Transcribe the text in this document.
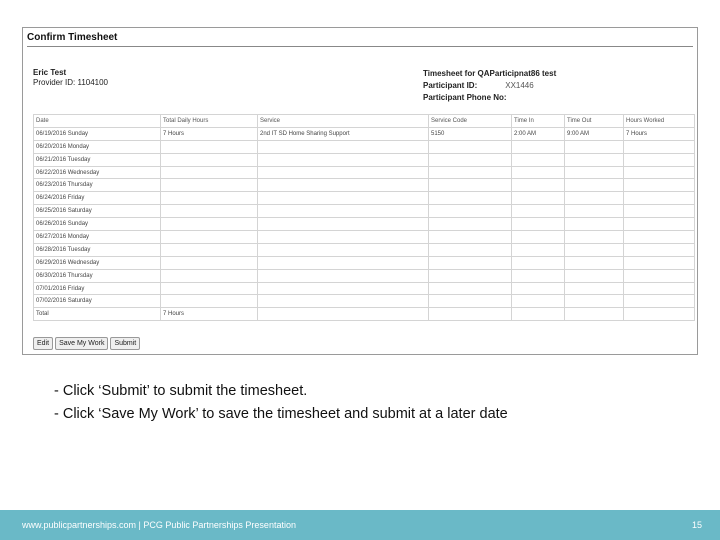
Confirm Timesheet
Eric Test
Provider ID: 1104100
Timesheet for QAParticipnat86 test
Participant ID:	XX1446
Participant Phone No:
Date	Total Daily Hours	Service	Service Code	Time In	Time Out	Hours Worked
06/19/2016 Sunday	7 Hours	2nd IT SD Home Sharing Support	5150	2:00 AM	9:00 AM	7 Hours
06/20/2016 Monday						
06/21/2016 Tuesday						
06/22/2016 Wednesday						
06/23/2016 Thursday						
06/24/2016 Friday						
06/25/2016 Saturday						
06/26/2016 Sunday						
06/27/2016 Monday						
06/28/2016 Tuesday						
06/29/2016 Wednesday						
06/30/2016 Thursday						
07/01/2016 Friday						
07/02/2016 Saturday						
Total	7 Hours					
Edit Save My Work Submit
- Click ‘Submit’ to submit the timesheet.
- Click ‘Save My Work’ to save the timesheet and submit at a later date
www.publicpartnerships.com | PCG Public Partnerships Presentation	15
